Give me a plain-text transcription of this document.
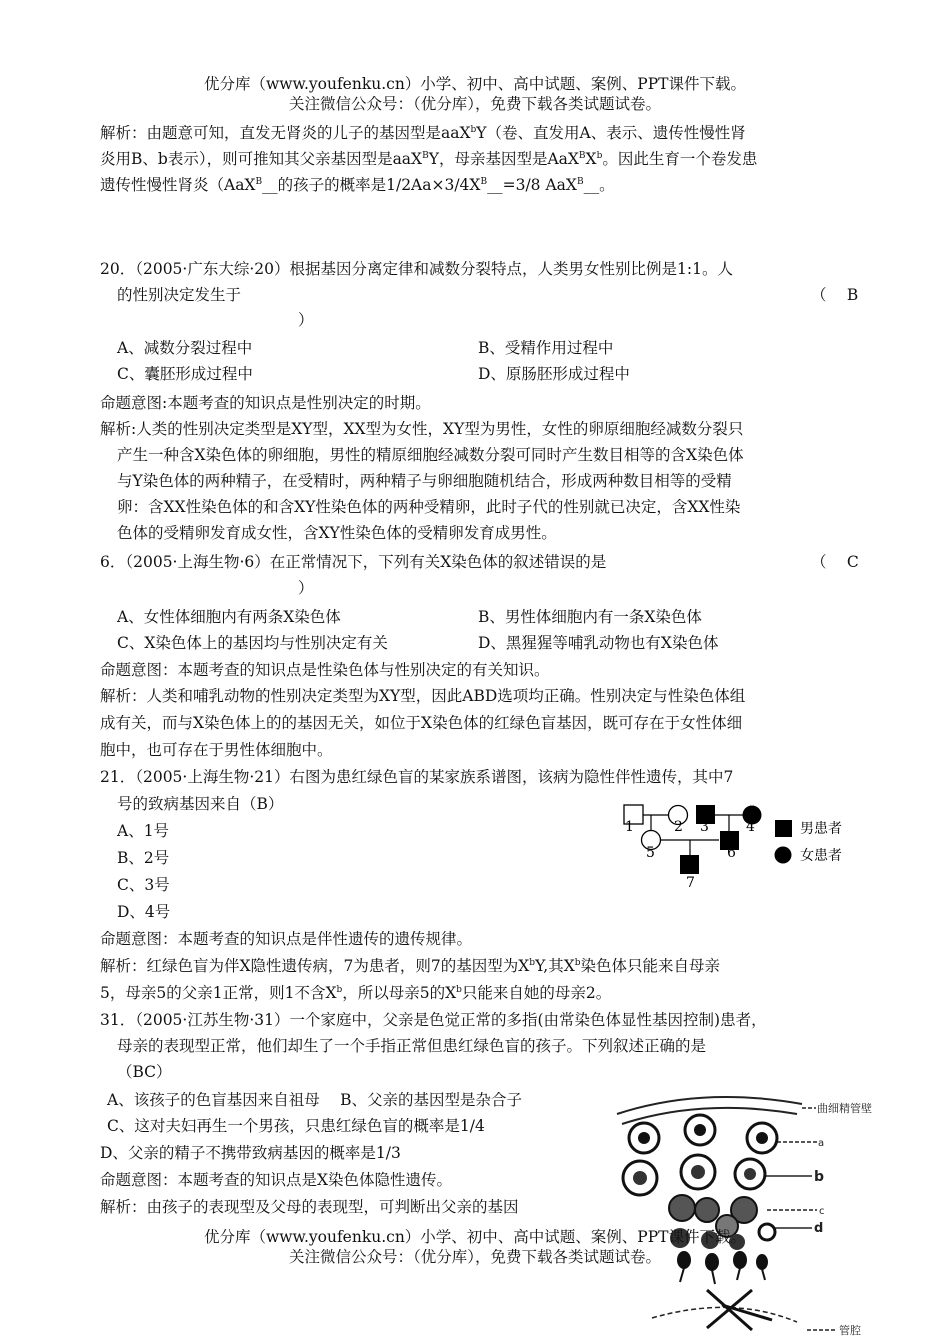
优分库（www.youfenku.cn）小学、初中、高中试题、案例、PPT课件下载。
关注微信公众号：（优分库），免费下载各类试题试卷。
解析：由题意可知，直发无肾炎的儿子的基因型是aaX$^b$Y（卷、直发用A、表示、遗传性慢性肾
炎用B、b表示），则可推知其父亲基因型是aaX$^B$Y，母亲基因型是$AaX^BX^b$。因此生育一个卷发患
遗传性慢性肾炎（AaX$^B$__的孩子的概率是$1/2Aa\times 3/4X^B\_\_=3/8$ AaX$^B$__。
20．（2005·广东大综·20）根据基因分离定律和减数分裂特点，人类男女性别比例是1:1。人
的性别决定发生于	（　 B
）
A、减数分裂过程中	B、受精作用过程中
C、囊胚形成过程中	D、原肠胚形成过程中
命题意图:本题考查的知识点是性别决定的时期。
解析:人类的性别决定类型是XY型，XX型为女性，XY型为男性，女性的卵原细胞经减数分裂只
产生一种含X染色体的卵细胞，男性的精原细胞经减数分裂可同时产生数目相等的含X染色体
与Y染色体的两种精子，在受精时，两种精子与卵细胞随机结合，形成两种数目相等的受精
卵：含XX性染色体的和含XY性染色体的两种受精卵，此时子代的性别就已决定，含XX性染
色体的受精卵发育成女性，含XY性染色体的受精卵发育成男性。
6．（2005·上海生物·6）在正常情况下，下列有关X染色体的叙述错误的是	（　 C
）
A、女性体细胞内有两条X染色体	B、男性体细胞内有一条X染色体
C、X染色体上的基因均与性别决定有关	D、黑猩猩等哺乳动物也有X染色体
命题意图：本题考查的知识点是性染色体与性别决定的有关知识。
解析：人类和哺乳动物的性别决定类型为XY型，因此ABD选项均正确。性别决定与性染色体组
成有关，而与X染色体上的的基因无关，如位于X染色体的红绿色盲基因，既可存在于女性体细
胞中，也可存在于男性体细胞中。
21．（2005·上海生物·21）右图为患红绿色盲的某家族系谱图，该病为隐性伴性遗传，其中7
号的致病基因来自（B）
A、1号
B、2号
C、3号
D、4号
命题意图：本题考查的知识点是伴性遗传的遗传规律。
解析：红绿色盲为伴X隐性遗传病，7为患者，则7的基因型为$X^bY$,其$X^b$染色体只能来自母亲
5，母亲5的父亲1正常，则1不含$X^b$，所以母亲5的$X^b$只能来自她的母亲2。
1	2 3	4
5	6
7
男患者
女患者
31．（2005·江苏生物·31）一个家庭中，父亲是色觉正常的多指(由常染色体显性基因控制)患者，
母亲的表现型正常，他们却生了一个手指正常但患红绿色盲的孩子。下列叙述正确的是
（BC）
A、该孩子的色盲基因来自祖母　 B、父亲的基因型是杂合子
C、这对夫妇再生一个男孩，只患红绿色盲的概率是1/4
D、父亲的精子不携带致病基因的概率是1/3
命题意图：本题考查的知识点是X染色体隐性遗传。
解析：由孩子的表现型及父母的表现型，可判断出父亲的基因
曲细精管壁
a
b
c
d
管腔
优分库（www.youfenku.cn）小学、初中、高中试题、案例、PPT课件下载。
关注微信公众号：（优分库），免费下载各类试题试卷。
